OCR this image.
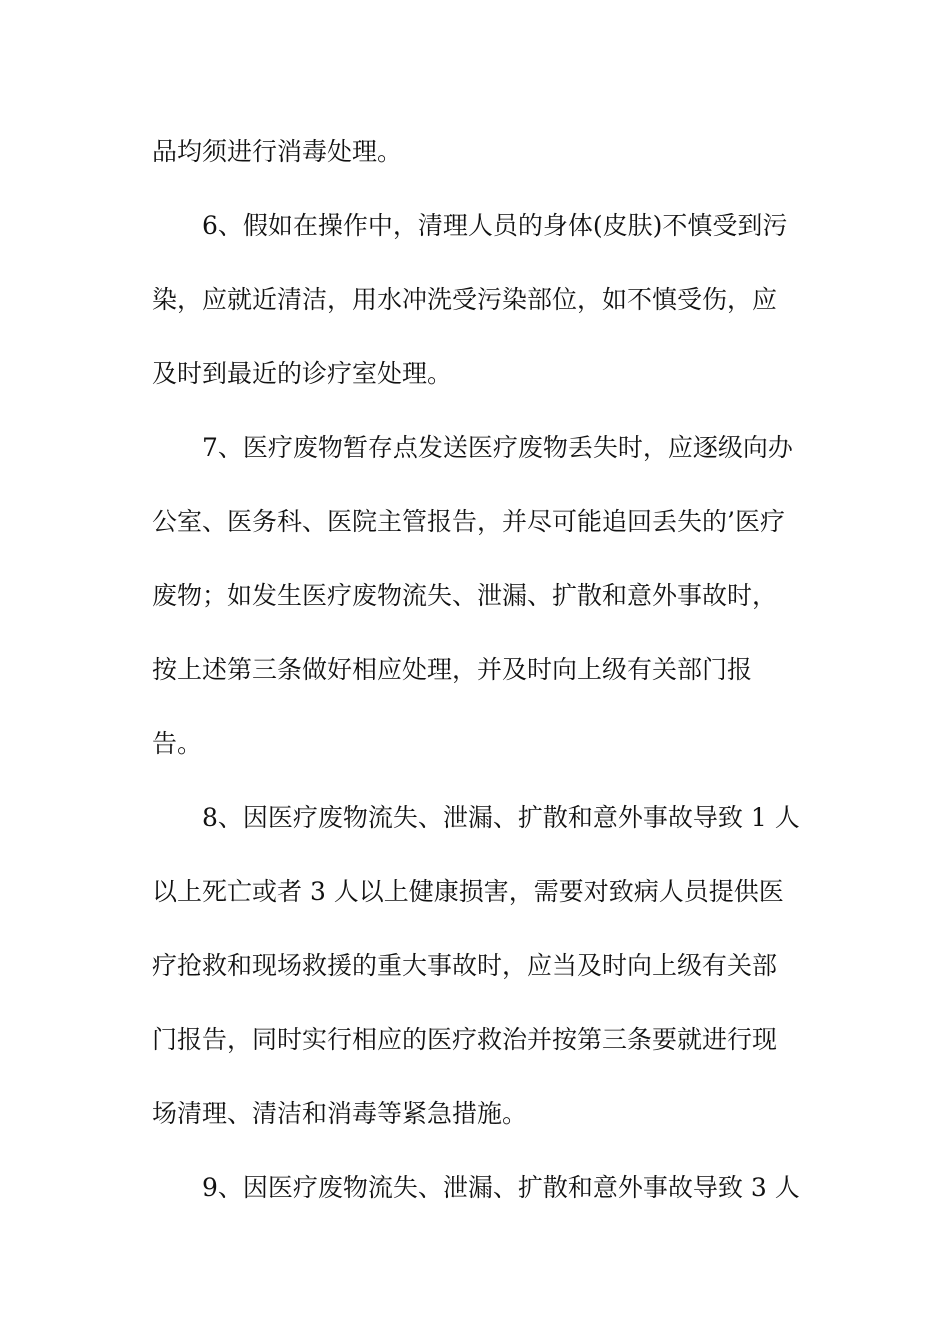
品均须进行消毒处理。
6、假如在操作中，清理人员的身体(皮肤)不慎受到污
染，应就近清洁，用水冲洗受污染部位，如不慎受伤，应
及时到最近的诊疗室处理。
7、医疗废物暂存点发送医疗废物丢失时，应逐级向办
公室、医务科、医院主管报告，并尽可能追回丢失的’医疗
废物；如发生医疗废物流失、泄漏、扩散和意外事故时，
按上述第三条做好相应处理，并及时向上级有关部门报
告。
8、因医疗废物流失、泄漏、扩散和意外事故导致 1 人
以上死亡或者 3 人以上健康损害，需要对致病人员提供医
疗抢救和现场救援的重大事故时，应当及时向上级有关部
门报告，同时实行相应的医疗救治并按第三条要就进行现
场清理、清洁和消毒等紧急措施。
9、因医疗废物流失、泄漏、扩散和意外事故导致 3 人
